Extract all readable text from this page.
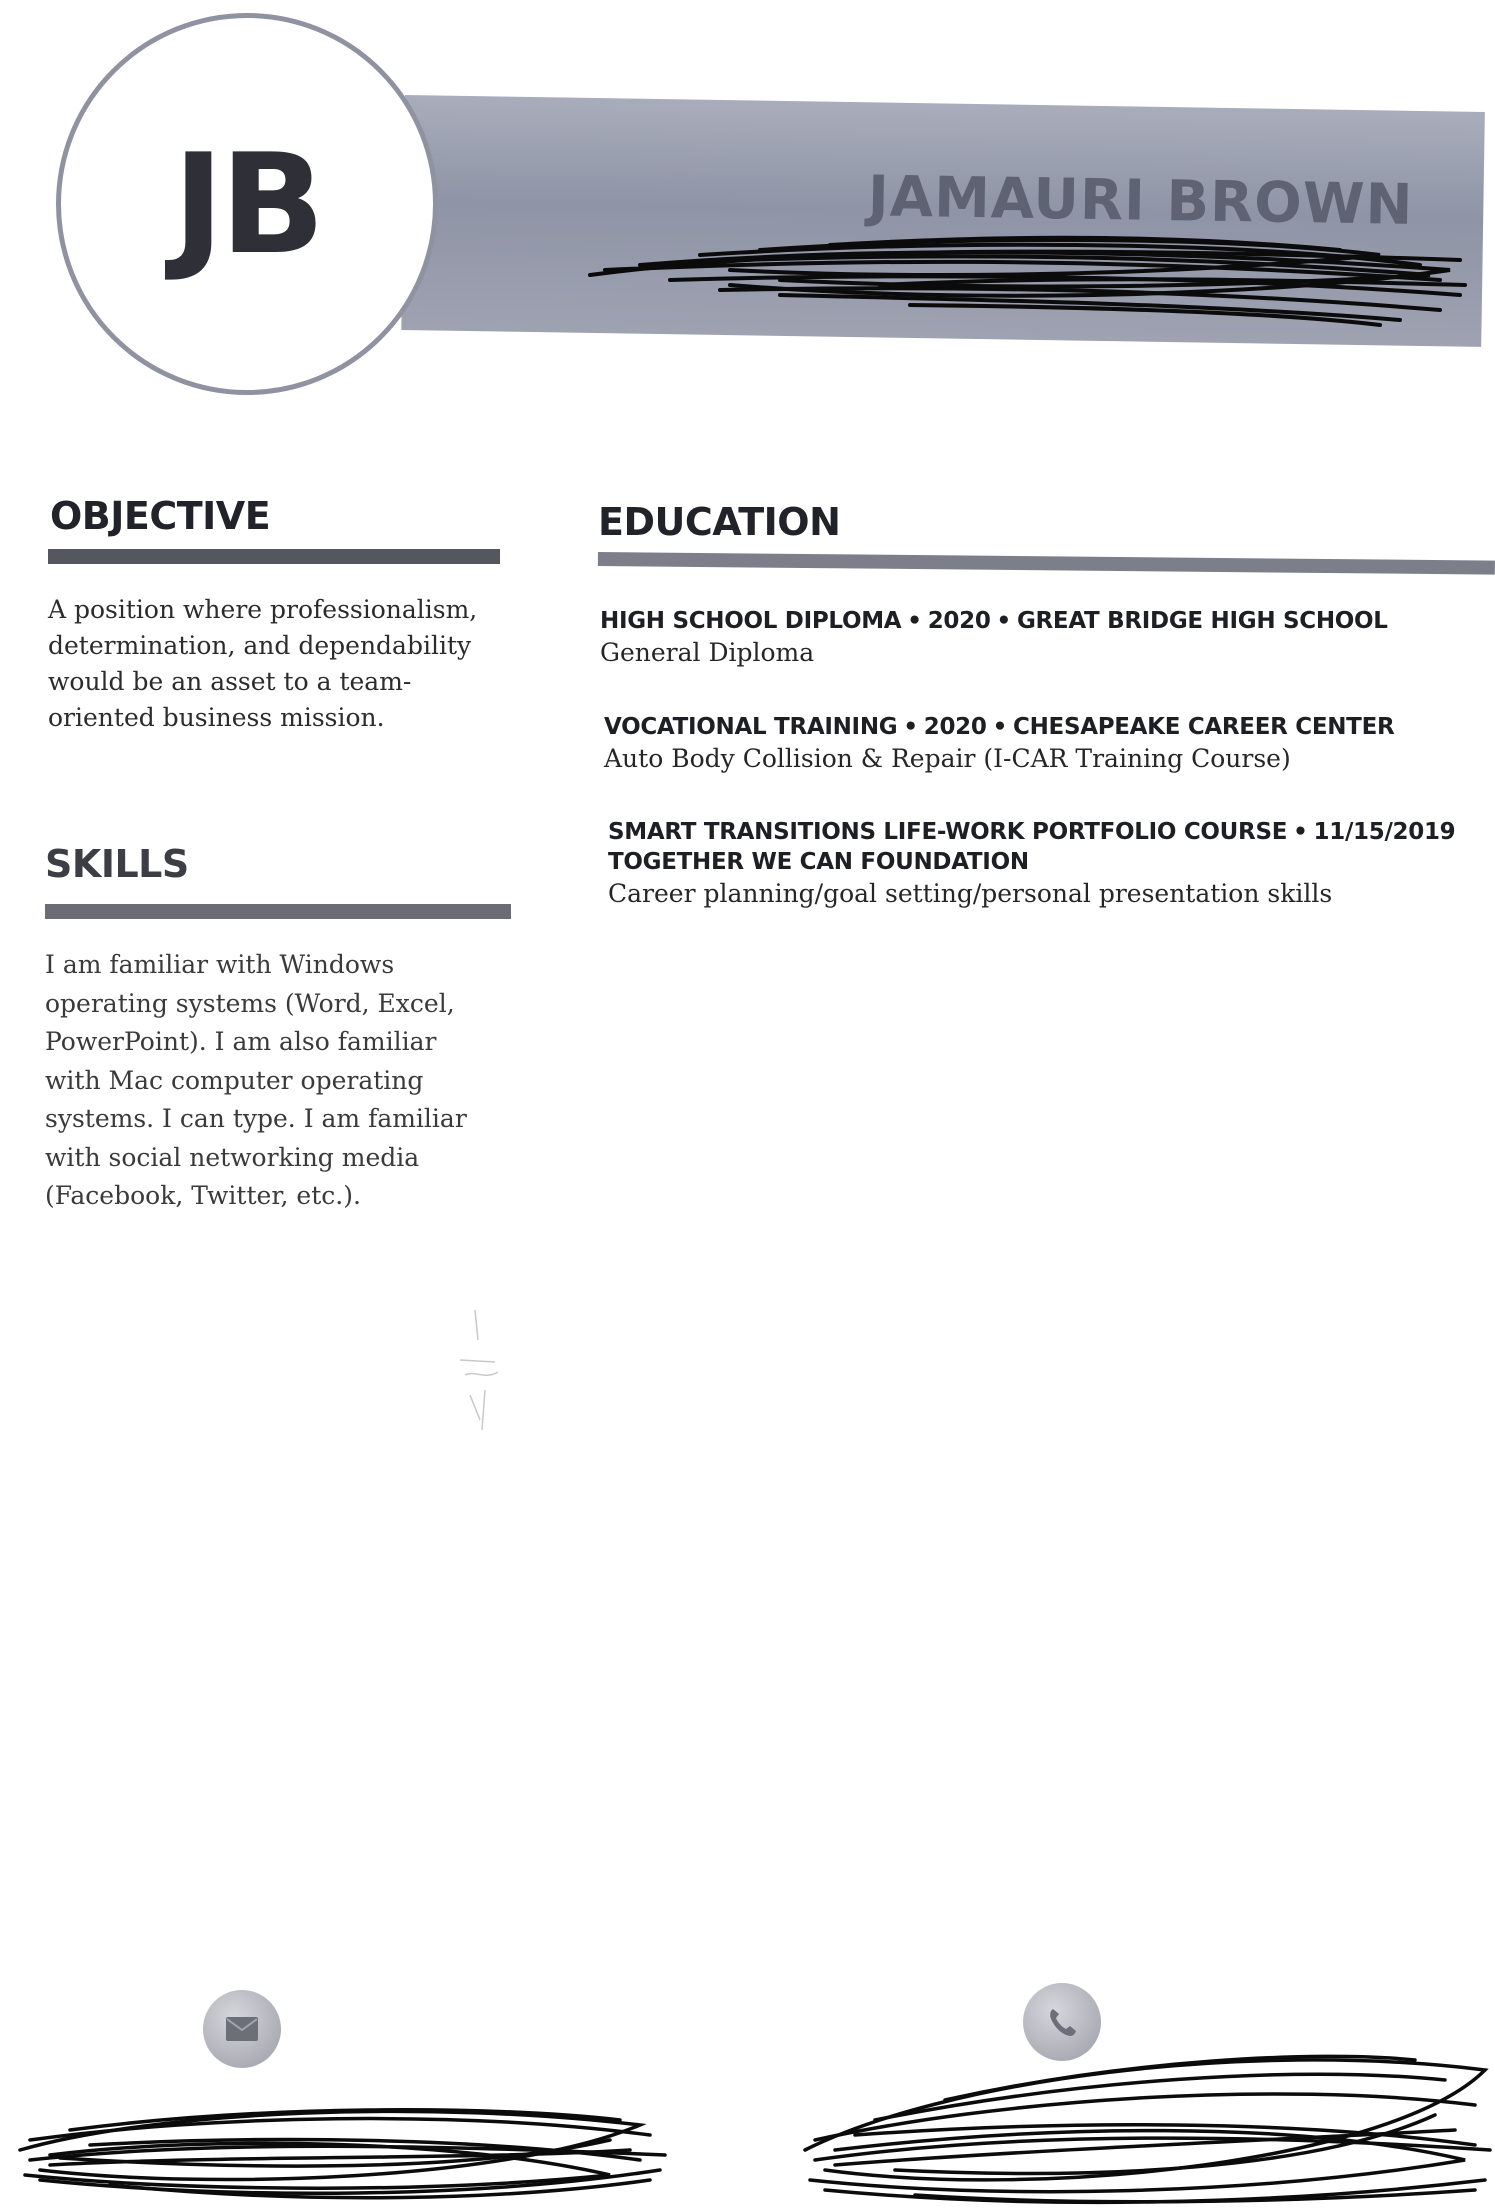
JAMAURI BROWN
JB
OBJECTIVE

A position where professionalism,

determination, and dependability

would be an asset to a team-

oriented business mission.

SKILLS

I am familiar with Windows

operating systems (Word, Excel,

PowerPoint). I am also familiar

with Mac computer operating

systems. I can type. I am familiar

with social networking media

(Facebook, Twitter, etc.).

EDUCATION
HIGH SCHOOL DIPLOMA • 2020 • GREAT BRIDGE HIGH SCHOOL
General Diploma
VOCATIONAL TRAINING • 2020 • CHESAPEAKE CAREER CENTER
Auto Body Collision & Repair (I-CAR Training Course)
SMART TRANSITIONS LIFE-WORK PORTFOLIO COURSE • 11/15/2019
TOGETHER WE CAN FOUNDATION
Career planning/goal setting/personal presentation skills
